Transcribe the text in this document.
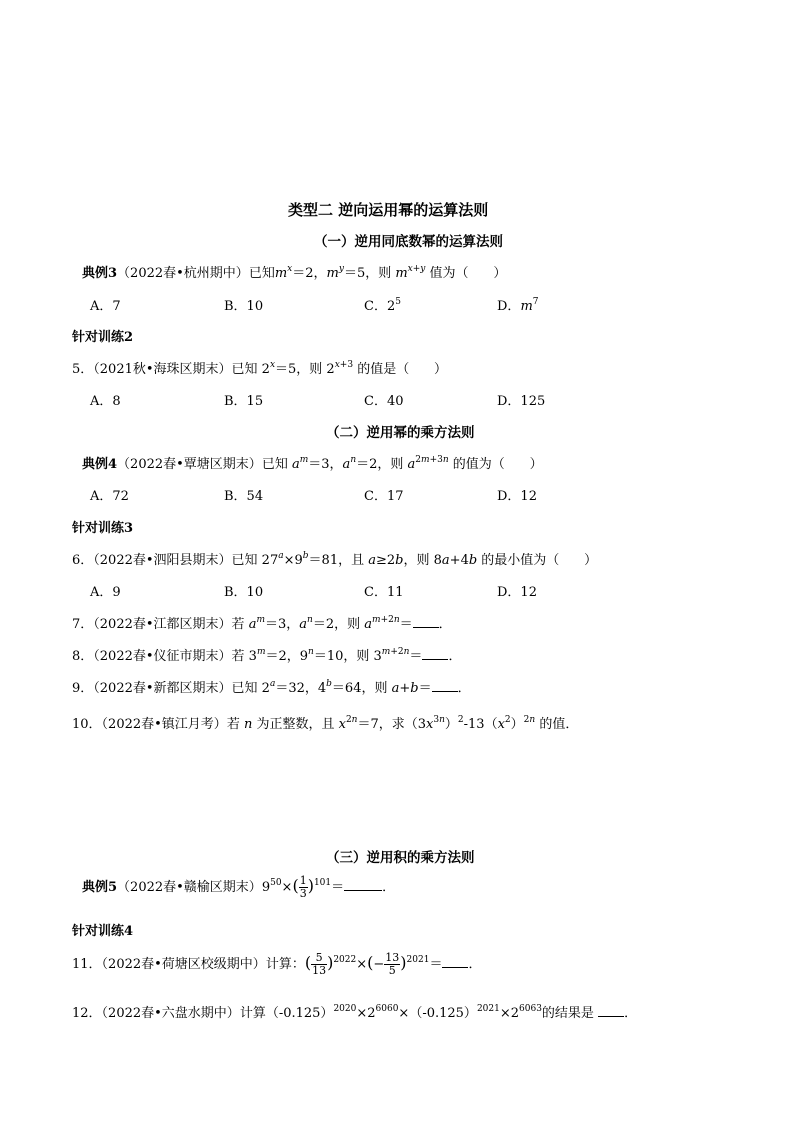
类型二 逆向运用幂的运算法则
（一）逆用同底数幂的运算法则
典例3（2022春•杭州期中）已知$m^x=2$，$m^y=5$，则 $m^{x+y}$ 值为（      ）
A．7	B．10	C．$2^5$	D．$m^7$
针对训练2
5．（2021秋•海珠区期末）已知 $2^x=5$，则 $2^{x+3}$ 的值是（      ）
A．8	B．15	C．40	D．125
（二）逆用幂的乘方法则
典例4（2022春•覃塘区期末）已知 $a^m=3$，$a^n=2$，则 $a^{2m+3n}$ 的值为（      ）
A．72	B．54	C．17	D．12
针对训练3
6．（2022春•泗阳县期末）已知 $27^a\times 9^b=81$，且 a≥2b，则 8a+4b 的最小值为（      ）
A．9	B．10	C．11	D．12
7．（2022春•江都区期末）若 $a^m=3$，$a^n=2$，则 $a^{m+2n}=$ ．
8．（2022春•仪征市期末）若 $3^m=2$，$9^n=10$，则 $3^{m+2n}=$ ．
9．（2022春•新都区期末）已知 $2^a=32$，$4^b=64$，则 a+b＝ ．
10．（2022春•镇江月考）若 n 为正整数，且 $x^{2n}=7$，求$(3x^{3n})^2-13(x^2)^{2n}$ 的值．
（三）逆用积的乘方法则
典例5（2022春•赣榆区期末）$9^{50}\times( \frac{1}{3} )^{101}=$	．
针对训练4
11．（2022春•荷塘区校级期中）计算：( $\frac{5}{13} )^{2022}\times(- \frac{13}{5} )^{2021}=$ ．
12．（2022春•六盘水期中）计算$(-0.125)^{2020}\times 2^{6060}\times(-0.125)^{2021}\times 2^{6063}$的结果是 ．
